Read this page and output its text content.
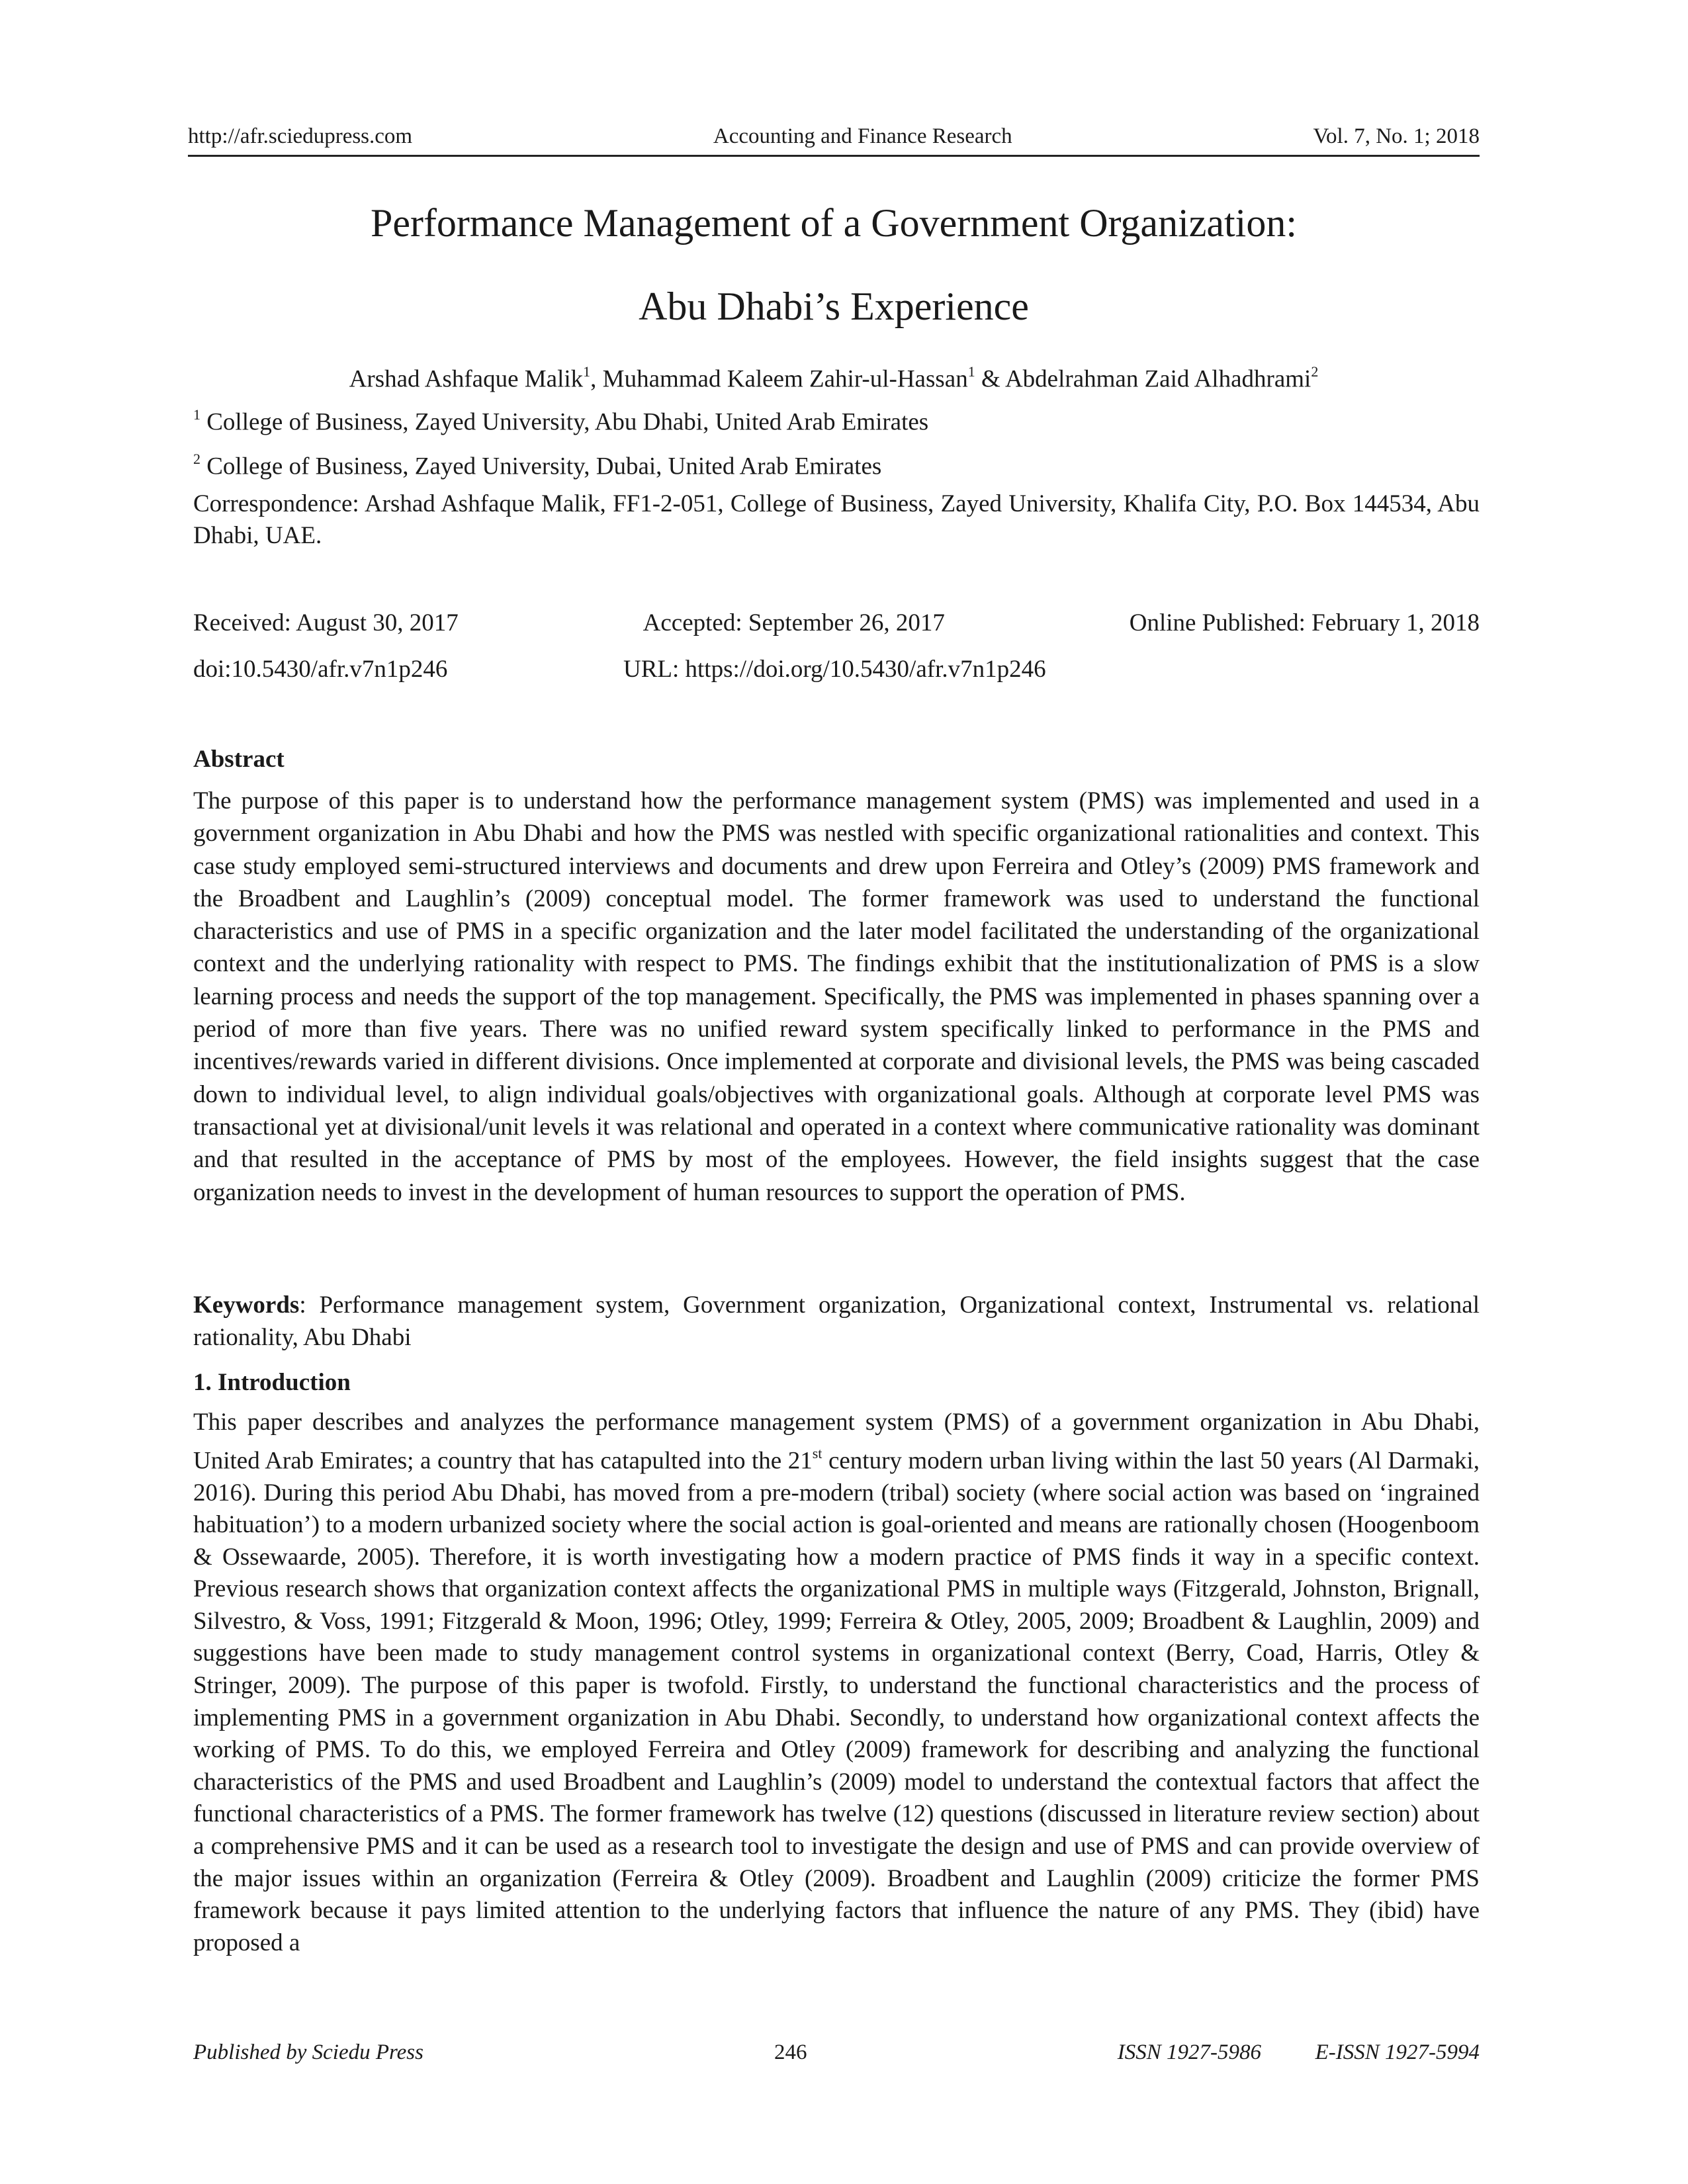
http://afr.sciedupress.com	Accounting and Finance Research	Vol. 7, No. 1; 2018
Performance Management of a Government Organization:
Abu Dhabi’s Experience
Arshad Ashfaque Malik$^1$, Muhammad Kaleem Zahir-ul-Hassan$^1$ & Abdelrahman Zaid Alhadhrami$^2$
$^1$ College of Business, Zayed University, Abu Dhabi, United Arab Emirates
$^2$ College of Business, Zayed University, Dubai, United Arab Emirates
Correspondence: Arshad Ashfaque Malik, FF1-2-051, College of Business, Zayed University, Khalifa City, P.O. Box 144534, Abu Dhabi, UAE.
Received: August 30, 2017	Accepted: September 26, 2017	Online Published: February 1, 2018
doi:10.5430/afr.v7n1p246	URL: https://doi.org/10.5430/afr.v7n1p246
Abstract

The purpose of this paper is to understand how the performance management system (PMS) was implemented and used in a government organization in Abu Dhabi and how the PMS was nestled with specific organizational rationalities and context. This case study employed semi-structured interviews and documents and drew upon Ferreira and Otley’s (2009) PMS framework and the Broadbent and Laughlin’s (2009) conceptual model. The former framework was used to understand the functional characteristics and use of PMS in a specific organization and the later model facilitated the understanding of the organizational context and the underlying rationality with respect to PMS. The findings exhibit that the institutionalization of PMS is a slow learning process and needs the support of the top management. Specifically, the PMS was implemented in phases spanning over a period of more than five years. There was no unified reward system specifically linked to performance in the PMS and incentives/rewards varied in different divisions. Once implemented at corporate and divisional levels, the PMS was being cascaded down to individual level, to align individual goals/objectives with organizational goals. Although at corporate level PMS was transactional yet at divisional/unit levels it was relational and operated in a context where communicative rationality was dominant and that resulted in the acceptance of PMS by most of the employees. However, the field insights suggest that the case organization needs to invest in the development of human resources to support the operation of PMS.

Keywords: Performance management system, Government organization, Organizational context, Instrumental vs. relational rationality, Abu Dhabi

1. Introduction

This paper describes and analyzes the performance management system (PMS) of a government organization in Abu Dhabi, United Arab Emirates; a country that has catapulted into the 21st century modern urban living within the last 50 years (Al Darmaki, 2016). During this period Abu Dhabi, has moved from a pre-modern (tribal) society (where social action was based on ‘ingrained habituation’) to a modern urbanized society where the social action is goal-oriented and means are rationally chosen (Hoogenboom & Ossewaarde, 2005). Therefore, it is worth investigating how a modern practice of PMS finds it way in a specific context. Previous research shows that organization context affects the organizational PMS in multiple ways (Fitzgerald, Johnston, Brignall, Silvestro, & Voss, 1991; Fitzgerald & Moon, 1996; Otley, 1999; Ferreira & Otley, 2005, 2009; Broadbent & Laughlin, 2009) and suggestions have been made to study management control systems in organizational context (Berry, Coad, Harris, Otley & Stringer, 2009). The purpose of this paper is twofold. Firstly, to understand the functional characteristics and the process of implementing PMS in a government organization in Abu Dhabi. Secondly, to understand how organizational context affects the working of PMS. To do this, we employed Ferreira and Otley (2009) framework for describing and analyzing the functional characteristics of the PMS and used Broadbent and Laughlin’s (2009) model to understand the contextual factors that affect the functional characteristics of a PMS. The former framework has twelve (12) questions (discussed in literature review section) about a comprehensive PMS and it can be used as a research tool to investigate the design and use of PMS and can provide overview of the major issues within an organization (Ferreira & Otley (2009). Broadbent and Laughlin (2009) criticize the former PMS framework because it pays limited attention to the underlying factors that influence the nature of any PMS. They (ibid) have proposed a

Published by Sciedu Press	246	ISSN 1927-5986 E-ISSN 1927-5994
